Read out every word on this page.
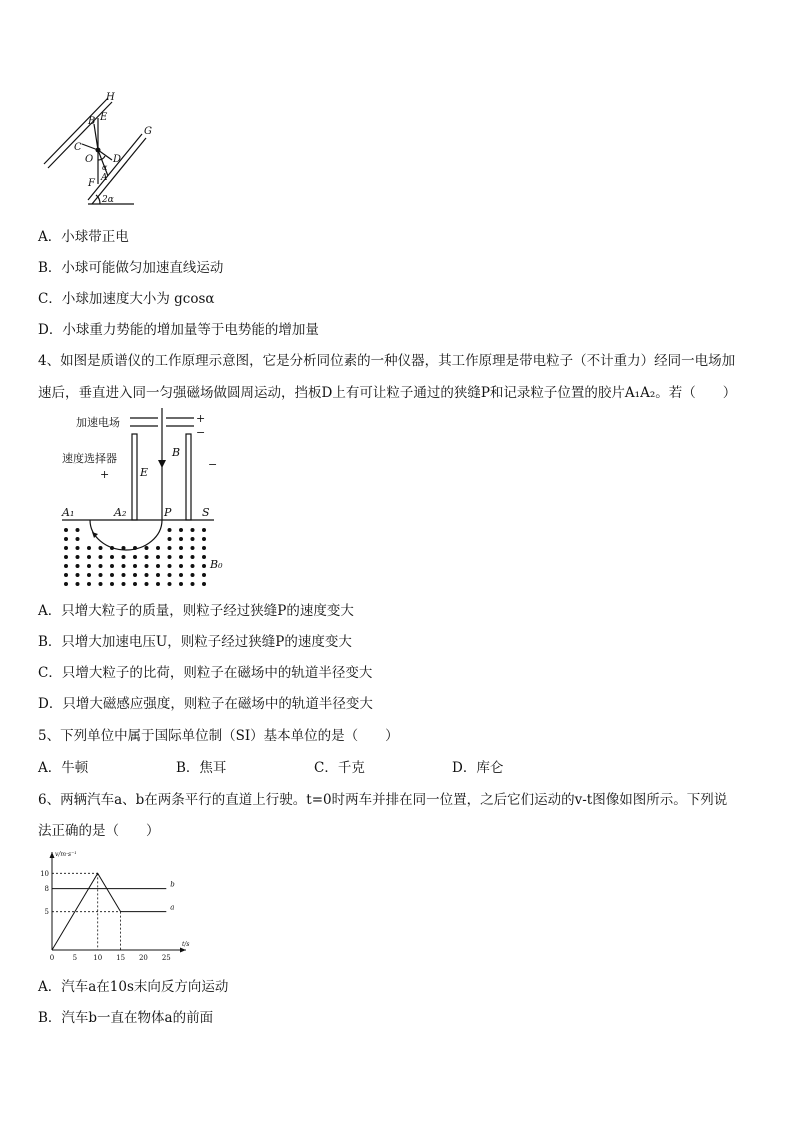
H
G
B E
C
O D
α
A
F
2α
A．小球带正电
B．小球可能做匀加速直线运动
C．小球加速度大小为 gcosα
D．小球重力势能的增加量等于电势能的增加量
4、如图是质谱仪的工作原理示意图，它是分析同位素的一种仪器，其工作原理是带电粒子（不计重力）经同一电场加
速后，垂直进入同一匀强磁场做圆周运动，挡板D上有可让粒子通过的狭缝P和记录粒子位置的胶片A₁A₂。若（　　）
加速电场	+
−
速度选择器
+
−
E
B
A₁	A₂	P	S
B₀
A．只增大粒子的质量，则粒子经过狭缝P的速度变大
B．只增大加速电压U，则粒子经过狭缝P的速度变大
C．只增大粒子的比荷，则粒子在磁场中的轨道半径变大
D．只增大磁感应强度，则粒子在磁场中的轨道半径变大
5、下列单位中属于国际单位制（SI）基本单位的是（　　）
A．牛顿	B．焦耳	C．千克	D．库仑
6、两辆汽车a、b在两条平行的直道上行驶。t=0时两车并排在同一位置，之后它们运动的v-t图像如图所示。下列说
法正确的是（　　）
0	5 10 15 20 25
5
8
10
a
b
t/s
v/m·s⁻¹
A．汽车a在10s末向反方向运动
B．汽车b一直在物体a的前面
